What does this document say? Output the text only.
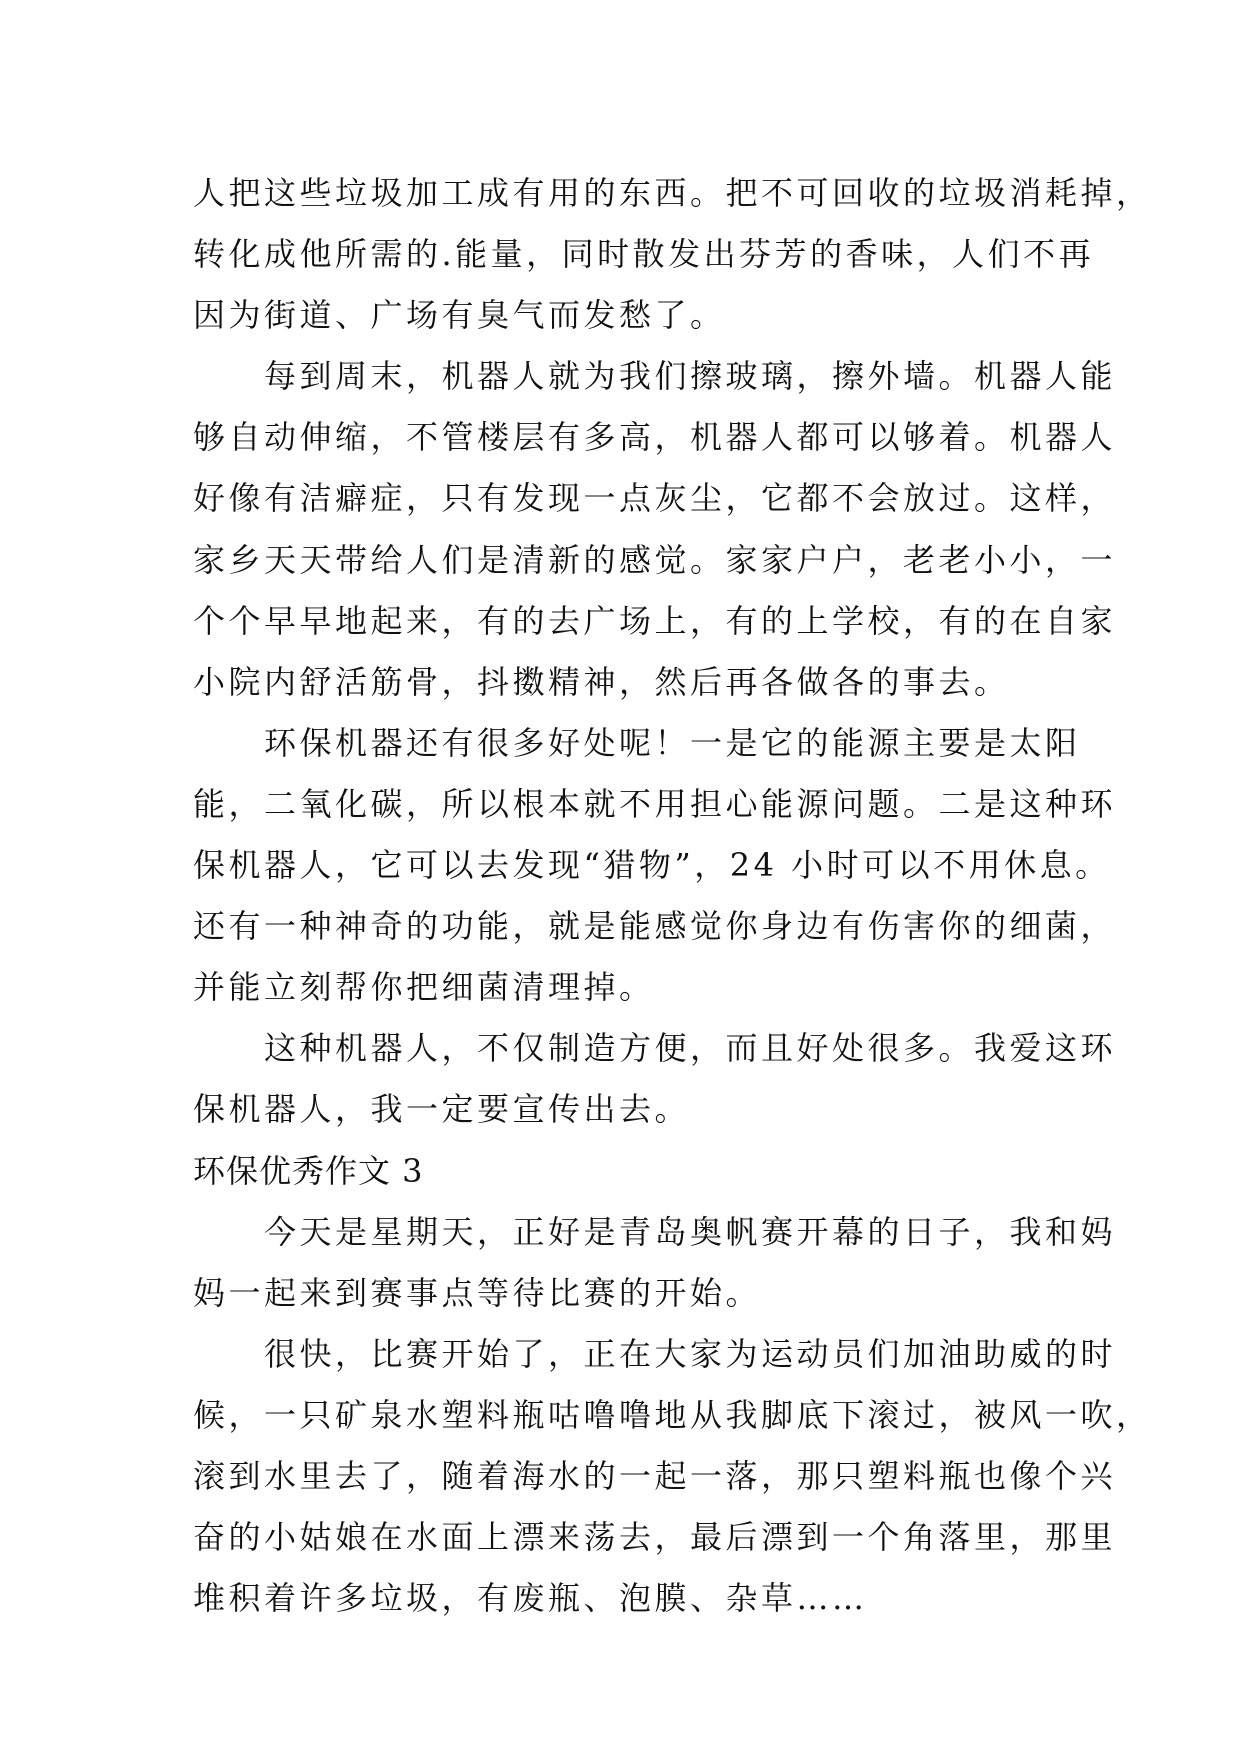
人把这些垃圾加工成有用的东西。把不可回收的垃圾消耗掉，
转化成他所需的.能量，同时散发出芬芳的香味，人们不再
因为街道、广场有臭气而发愁了。
　　每到周末，机器人就为我们擦玻璃，擦外墙。机器人能
够自动伸缩，不管楼层有多高，机器人都可以够着。机器人
好像有洁癖症，只有发现一点灰尘，它都不会放过。这样，
家乡天天带给人们是清新的感觉。家家户户，老老小小，一
个个早早地起来，有的去广场上，有的上学校，有的在自家
小院内舒活筋骨，抖擞精神，然后再各做各的事去。
　　环保机器还有很多好处呢！一是它的能源主要是太阳
能，二氧化碳，所以根本就不用担心能源问题。二是这种环
保机器人，它可以去发现“猎物”，24 小时可以不用休息。
还有一种神奇的功能，就是能感觉你身边有伤害你的细菌，
并能立刻帮你把细菌清理掉。
　　这种机器人，不仅制造方便，而且好处很多。我爱这环
保机器人，我一定要宣传出去。
环保优秀作文 3
　　今天是星期天，正好是青岛奥帆赛开幕的日子，我和妈
妈一起来到赛事点等待比赛的开始。
　　很快，比赛开始了，正在大家为运动员们加油助威的时
候，一只矿泉水塑料瓶咕噜噜地从我脚底下滚过，被风一吹，
滚到水里去了，随着海水的一起一落，那只塑料瓶也像个兴
奋的小姑娘在水面上漂来荡去，最后漂到一个角落里，那里
堆积着许多垃圾，有废瓶、泡膜、杂草……
